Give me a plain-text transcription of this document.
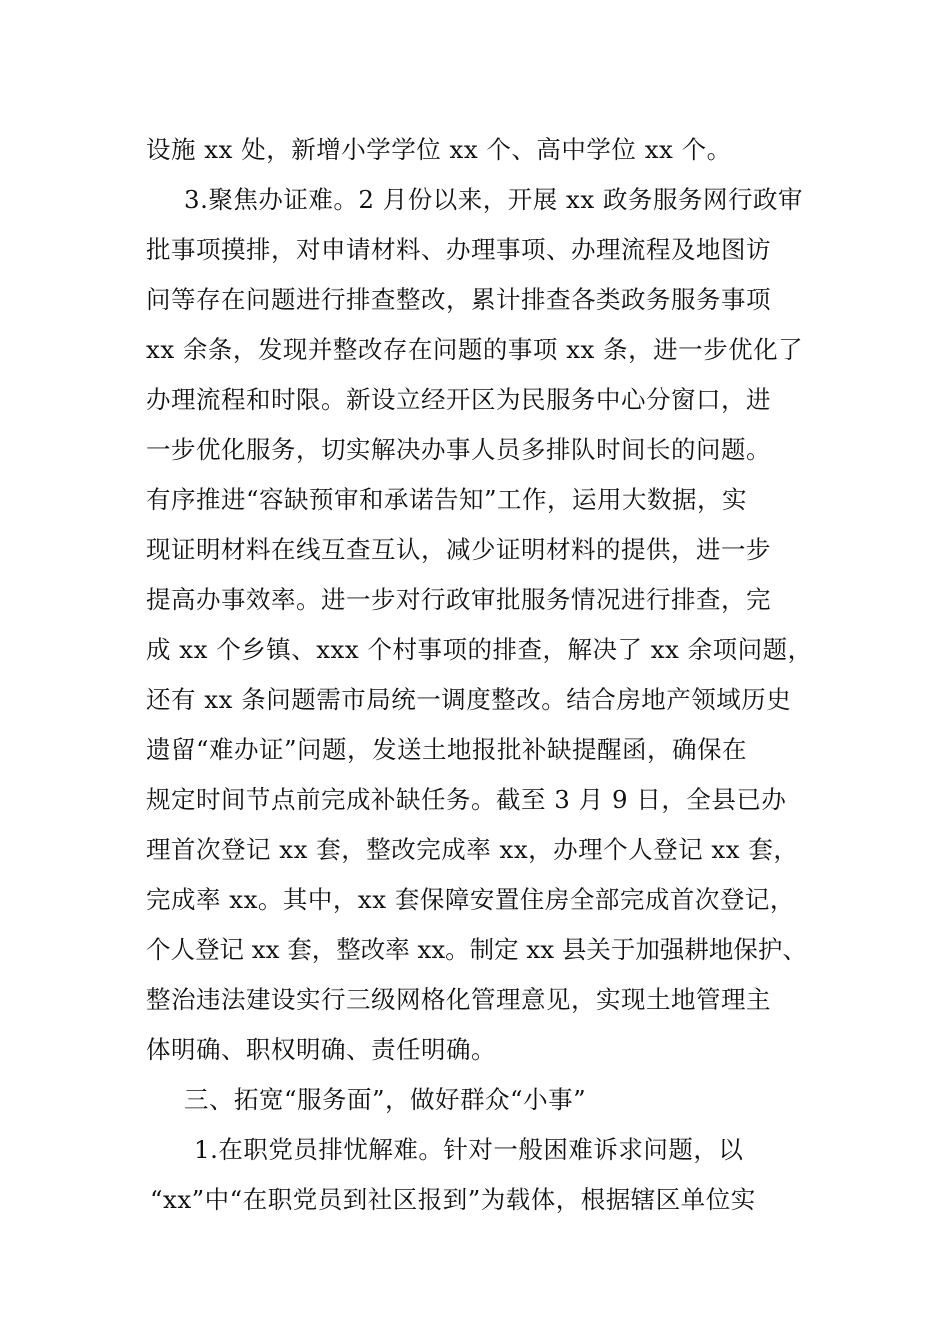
设施 xx 处，新增小学学位 xx 个、高中学位 xx 个。
3.聚焦办证难。2 月份以来，开展 xx 政务服务网行政审
批事项摸排，对申请材料、办理事项、办理流程及地图访
问等存在问题进行排查整改，累计排查各类政务服务事项
xx 余条，发现并整改存在问题的事项 xx 条，进一步优化了
办理流程和时限。新设立经开区为民服务中心分窗口，进
一步优化服务，切实解决办事人员多排队时间长的问题。
有序推进“容缺预审和承诺告知”工作，运用大数据，实
现证明材料在线互查互认，减少证明材料的提供，进一步
提高办事效率。进一步对行政审批服务情况进行排查，完
成 xx 个乡镇、xxx 个村事项的排查，解决了 xx 余项问题，
还有 xx 条问题需市局统一调度整改。结合房地产领域历史
遗留“难办证”问题，发送土地报批补缺提醒函，确保在
规定时间节点前完成补缺任务。截至 3 月 9 日，全县已办
理首次登记 xx 套，整改完成率 xx，办理个人登记 xx 套，
完成率 xx。其中，xx 套保障安置住房全部完成首次登记，
个人登记 xx 套，整改率 xx。制定 xx 县关于加强耕地保护、
整治违法建设实行三级网格化管理意见，实现土地管理主
体明确、职权明确、责任明确。
三、拓宽“服务面”，做好群众“小事”
1.在职党员排忧解难。针对一般困难诉求问题，以
“xx”中“在职党员到社区报到”为载体，根据辖区单位实
